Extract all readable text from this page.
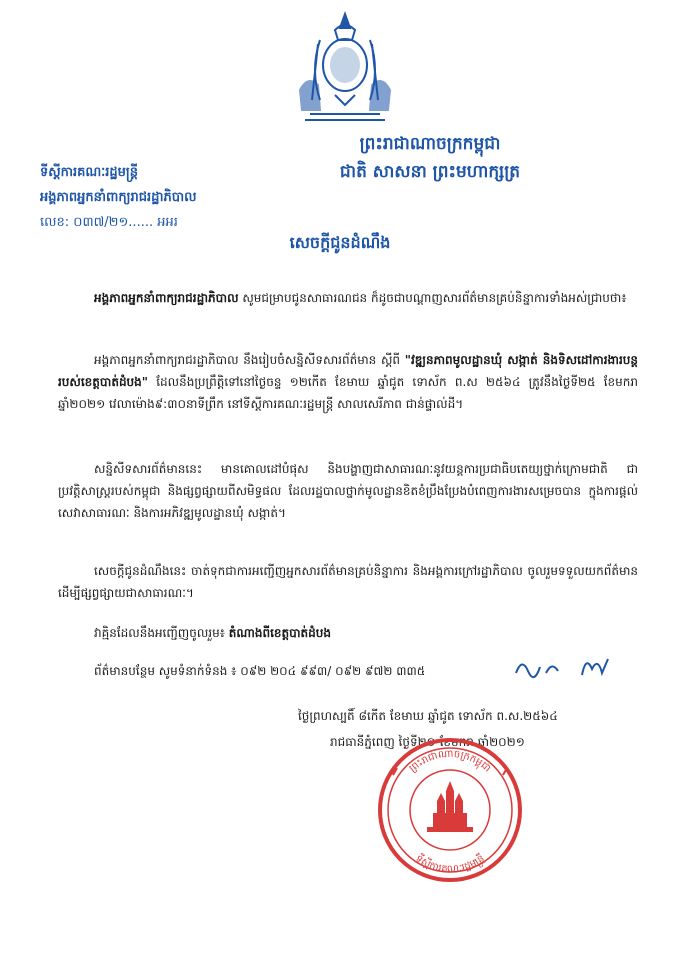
ព្រះរាជាណាចក្រកម្ពុជា
ជាតិ សាសនា ព្រះមហាក្សត្រ
ទីស្តីការគណៈរដ្ឋមន្ត្រី
អង្គភាពអ្នកនាំពាក្យរាជរដ្ឋាភិបាល
លេខ: ០៣៧/២១...... អអរ
សេចក្តីជូនដំណឹង
អង្គភាពអ្នកនាំពាក្យរាជរដ្ឋាភិបាល សូមជម្រាបជូនសាធារណជន ក៏ដូចជាបណ្តាញសារព័ត៌មានគ្រប់និន្នាការទាំងអស់ជ្រាបថា៖
អង្គភាពអ្នកនាំពាក្យរាជរដ្ឋាភិបាល នឹងរៀបចំសន្និសីទសារព័ត៌មាន ស្តីពី "វឌ្ឍនភាពមូលដ្ឋានឃុំ សង្កាត់ និងទិសដៅការងារបន្តរបស់ខេត្តបាត់ដំបង" ដែលនឹងប្រព្រឹត្តិទៅនៅថ្ងៃចន្ទ ១២កើត ខែមាឃ ឆ្នាំជូត ទោស័ក ព.ស ២៥៦៤ ត្រូវនឹងថ្ងៃទី២៥ ខែមករា ឆ្នាំ២០២១ វេលាម៉ោង៩:៣០នាទីព្រឹក នៅទីស្តីការគណៈរដ្ឋមន្ត្រី សាលសេរីភាព ជាន់ផ្ទាល់ដី។
សន្និសីទសារព័ត៌មាននេះ មានគោលដៅបំផុស និងបង្ហាញជាសាធារណៈនូវយន្តការប្រជាធិបតេយ្យថ្នាក់ក្រោមជាតិ ជាប្រវត្តិសាស្ត្ររបស់កម្ពុជា និងផ្សព្វផ្សាយពីសមិទ្ធផល ដែលរដ្ឋបាលថ្នាក់មូលដ្ឋានខិតខំប្រឹងប្រែងបំពេញការងារសម្រេចបាន ក្នុងការផ្តល់សេវាសាធារណៈ និងការអភិវឌ្ឍមូលដ្ឋានឃុំ សង្កាត់។
សេចក្តីជូនដំណឹងនេះ ចាត់ទុកជាការអញ្ជើញអ្នកសារព័ត៌មានគ្រប់និន្នាការ និងអង្គការក្រៅរដ្ឋាភិបាល ចូលរួមទទួលយកព័ត៌មាន ដើម្បីផ្សព្វផ្សាយជាសាធារណៈ។
វាគ្មិនដែលនឹងអញ្ជើញចូលរួម៖ តំណាងពីខេត្តបាត់ដំបង
ព័ត៌មានបន្ថែម សូមទំនាក់ទំនង ៖ ០៩២ ២០៤ ៩៩៣/ ០៩២ ៩៧២ ៣៣៥
ថ្ងៃព្រហស្បតិ៍ ៨កើត ខែមាឃ ឆ្នាំជូត ទោស័ក ព.ស.២៥៦៤
រាជធានីភ្នំពេញ ថ្ងៃទី២១ ខែមករា ឆ្នាំ២០២១
ព្រះរាជាណាចក្រកម្ពុជា
ទីស្តីការគណៈរដ្ឋមន្ត្រី
